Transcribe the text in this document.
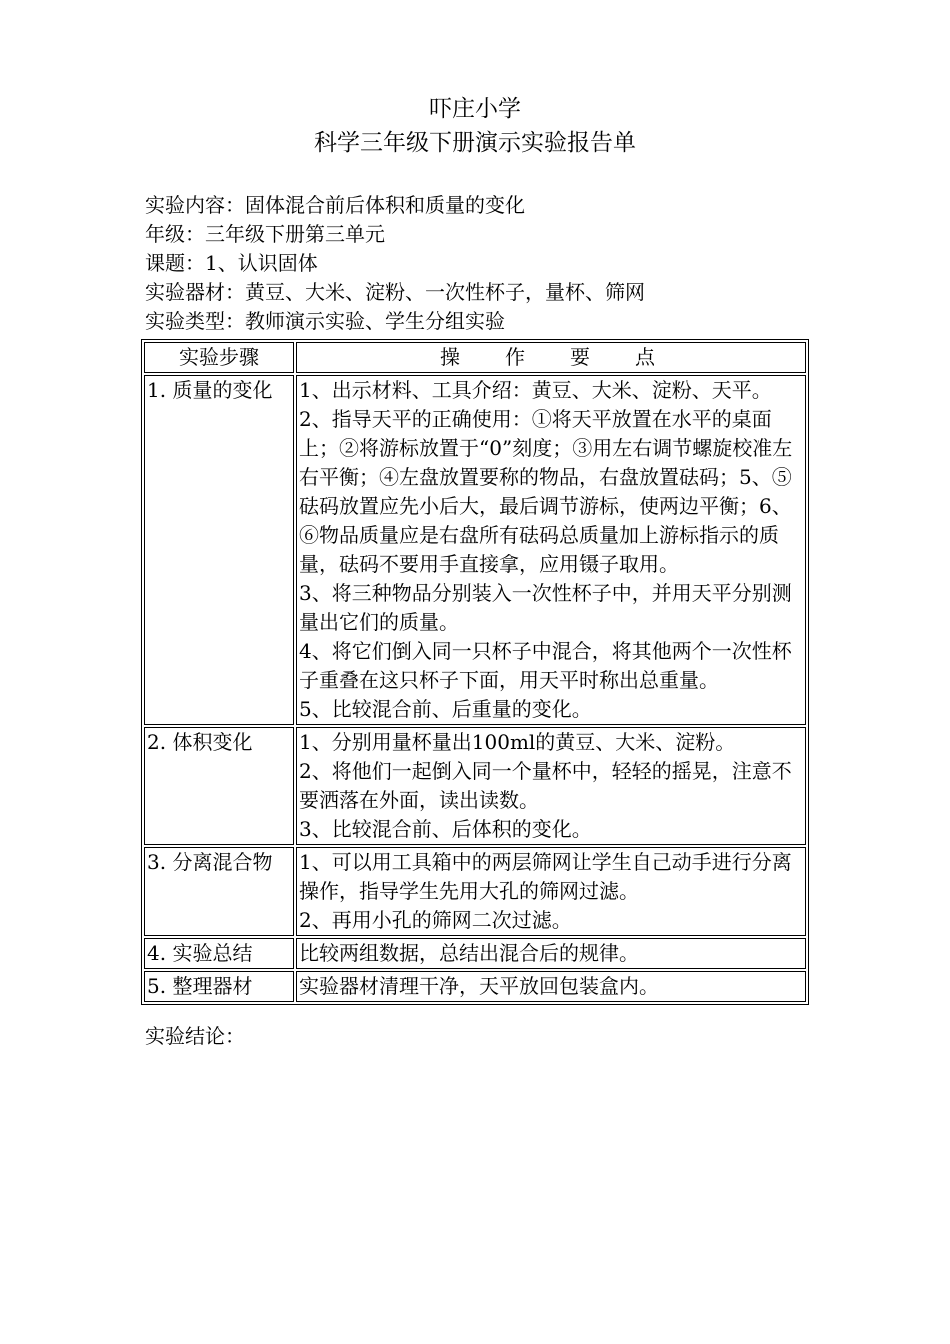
吓庄小学
科学三年级下册演示实验报告单
实验内容：固体混合前后体积和质量的变化
年级：三年级下册第三单元
课题：1、认识固体
实验器材：黄豆、大米、淀粉、一次性杯子，量杯、筛网
实验类型：教师演示实验、学生分组实验
实验步骤	操作要点
1. 质量的变化	1、出示材料、工具介绍：黄豆、大米、淀粉、天平。
2、指导天平的正确使用：①将天平放置在水平的桌面上；②将游标放置于“0”刻度；③用左右调节螺旋校准左右平衡；④左盘放置要称的物品，右盘放置砝码；5、⑤砝码放置应先小后大，最后调节游标，使两边平衡；6、⑥物品质量应是右盘所有砝码总质量加上游标指示的质量，砝码不要用手直接拿，应用镊子取用。
3、将三种物品分别装入一次性杯子中，并用天平分别测量出它们的质量。
4、将它们倒入同一只杯子中混合，将其他两个一次性杯子重叠在这只杯子下面，用天平时称出总重量。
5、比较混合前、后重量的变化。

2. 体积变化	1、分别用量杯量出100ml的黄豆、大米、淀粉。
2、将他们一起倒入同一个量杯中，轻轻的摇晃，注意不要洒落在外面，读出读数。
3、比较混合前、后体积的变化。

3. 分离混合物	1、可以用工具箱中的两层筛网让学生自己动手进行分离操作，指导学生先用大孔的筛网过滤。
2、再用小孔的筛网二次过滤。

4. 实验总结	比较两组数据，总结出混合后的规律。

5. 整理器材	实验器材清理干净，天平放回包装盒内。
实验结论：
